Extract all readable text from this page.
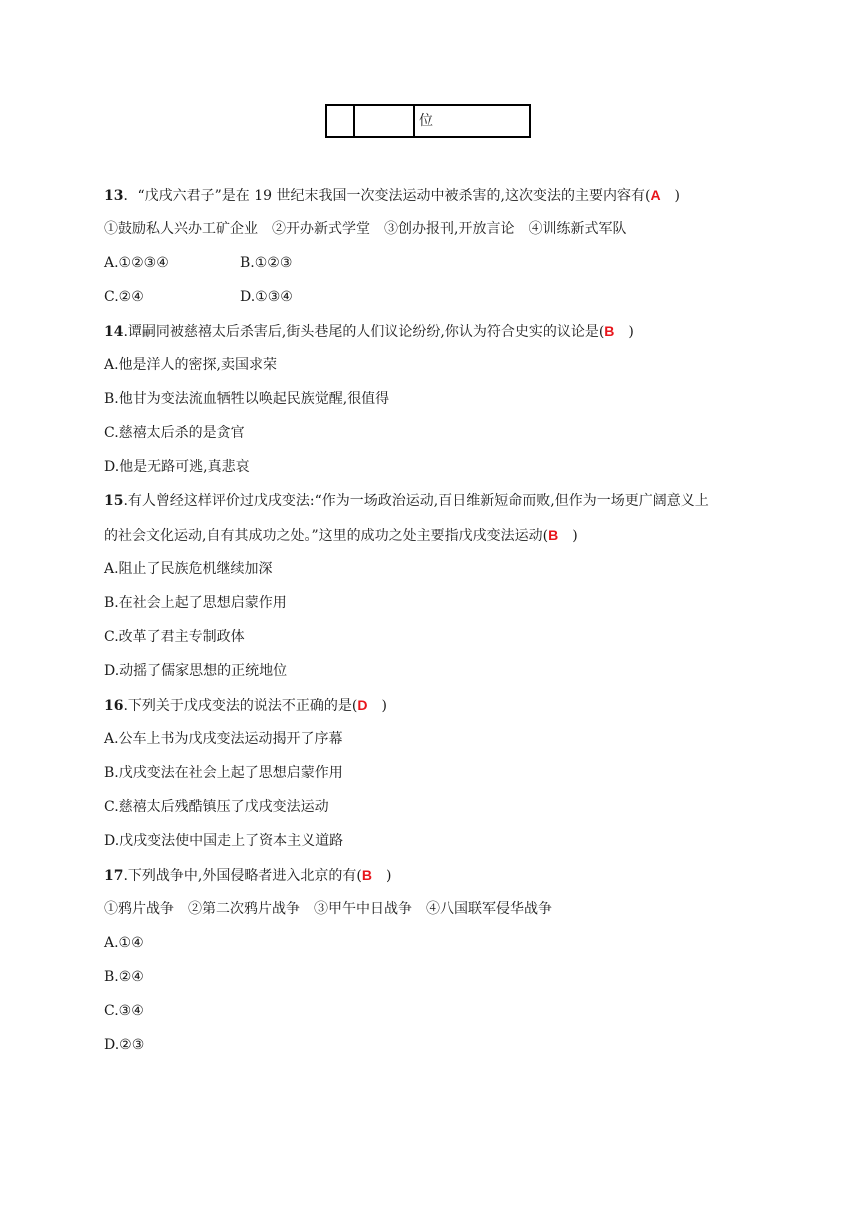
位
13．“戊戌六君子”是在 19 世纪末我国一次变法运动中被杀害的,这次变法的主要内容有(A　)
①鼓励私人兴办工矿企业　②开办新式学堂　③创办报刊,开放言论　④训练新式军队
A.①②③④	B.①②③
C.②④	D.①③④
14.谭嗣同被慈禧太后杀害后,街头巷尾的人们议论纷纷,你认为符合史实的议论是(B　)
A.他是洋人的密探,卖国求荣
B.他甘为变法流血牺牲以唤起民族觉醒,很值得
C.慈禧太后杀的是贪官
D.他是无路可逃,真悲哀
15.有人曾经这样评价过戊戌变法:“作为一场政治运动,百日维新短命而败,但作为一场更广阔意义上
的社会文化运动,自有其成功之处。”这里的成功之处主要指戊戌变法运动(B　)
A.阻止了民族危机继续加深
B.在社会上起了思想启蒙作用
C.改革了君主专制政体
D.动摇了儒家思想的正统地位
16.下列关于戊戌变法的说法不正确的是(D　)
A.公车上书为戊戌变法运动揭开了序幕
B.戊戌变法在社会上起了思想启蒙作用
C.慈禧太后残酷镇压了戊戌变法运动
D.戊戌变法使中国走上了资本主义道路
17.下列战争中,外国侵略者进入北京的有(B　)
①鸦片战争　②第二次鸦片战争　③甲午中日战争　④八国联军侵华战争
A.①④
B.②④
C.③④
D.②③
